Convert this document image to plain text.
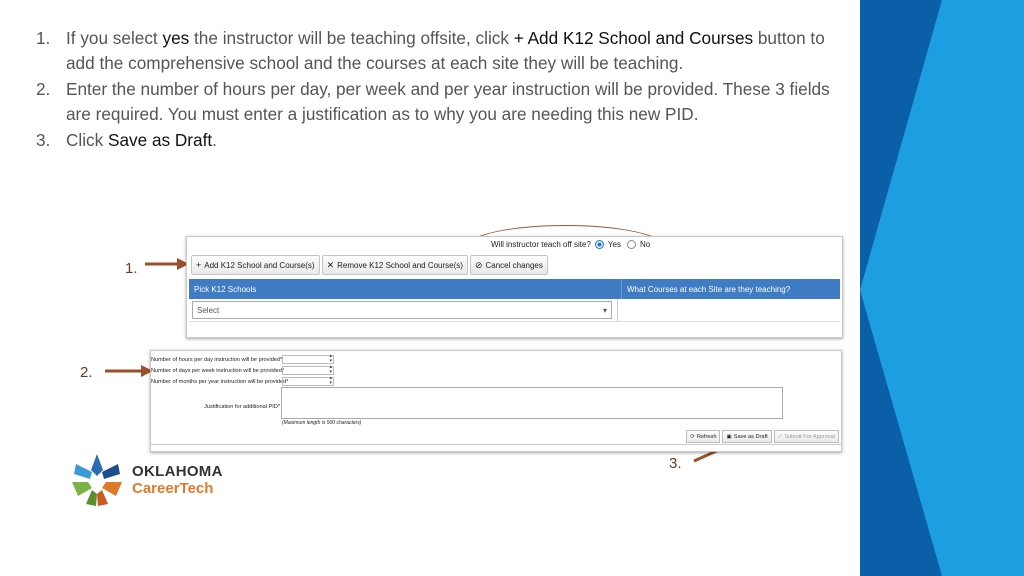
1. If you select yes the instructor will be teaching offsite, click + Add K12 School and Courses button to add the comprehensive school and the courses at each site they will be teaching.
2. Enter the number of hours per day, per week and per year instruction will be provided. These 3 fields are required. You must enter a justification as to why you are needing this new PID.
3. Click Save as Draft.
1.
2.
3.
Will instructor teach off site? Yes No
+ Add K12 School and Course(s) ✕ Remove K12 School and Course(s) ⊘ Cancel changes
Pick K12 Schools	What Courses at each Site are they teaching?
Select	▾
Number of hours per day instruction will be provided*
▴
▾
Number of days per week instruction will be provided*
▴
▾
Number of months per year instruction will be provided*
▴
▾
Justification for additional PID*
(Maximum length is 500 characters)
⟳ Refresh ▣ Save as Draft ✓ Submit For Approval
OKLAHOMA
CareerTech
